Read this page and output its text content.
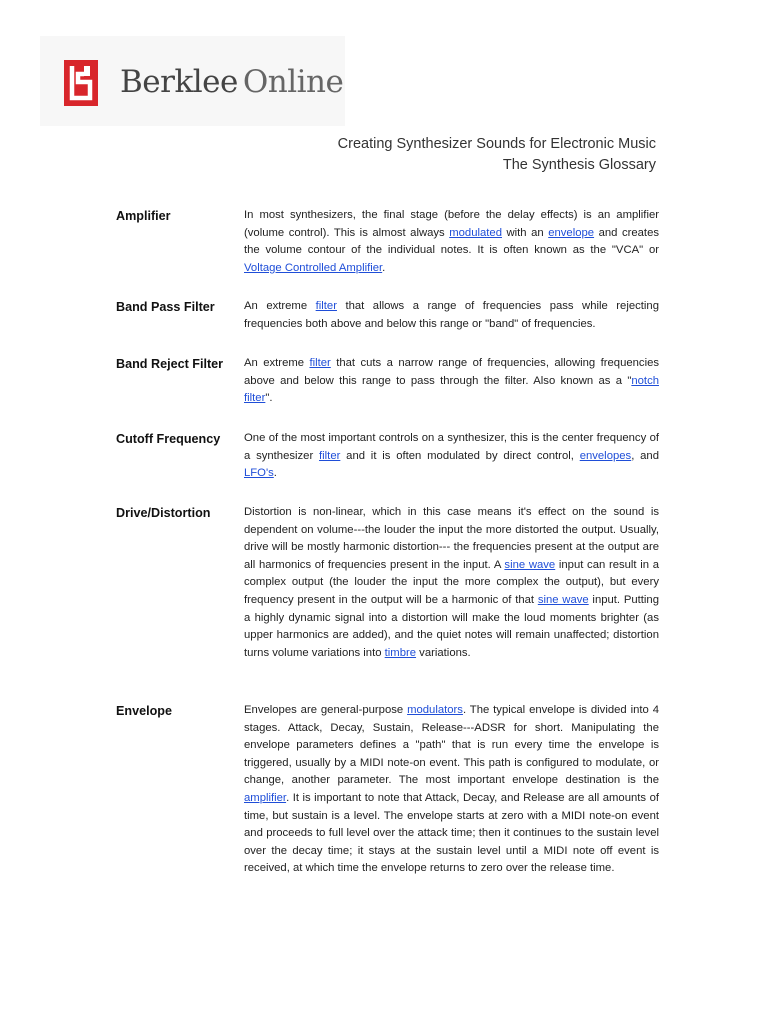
Berklee Online
Creating Synthesizer Sounds for Electronic Music
The Synthesis Glossary
Amplifier	In most synthesizers, the final stage (before the delay effects) is an amplifier (volume control). This is almost always modulated with an envelope and creates the volume contour of the individual notes. It is often known as the "VCA" or Voltage Controlled Amplifier.
Band Pass Filter	An extreme filter that allows a range of frequencies pass while rejecting frequencies both above and below this range or "band" of frequencies.
Band Reject Filter	An extreme filter that cuts a narrow range of frequencies, allowing frequencies above and below this range to pass through the filter. Also known as a "notch filter".
Cutoff Frequency	One of the most important controls on a synthesizer, this is the center frequency of a synthesizer filter and it is often modulated by direct control, envelopes, and LFO's.
Drive/Distortion	Distortion is non-linear, which in this case means it's effect on the sound is dependent on volume---the louder the input the more distorted the output. Usually, drive will be mostly harmonic distortion--- the frequencies present at the output are all harmonics of frequencies present in the input. A sine wave input can result in a complex output (the louder the input the more complex the output), but every frequency present in the output will be a harmonic of that sine wave input. Putting a highly dynamic signal into a distortion will make the loud moments brighter (as upper harmonics are added), and the quiet notes will remain unaffected; distortion turns volume variations into timbre variations.
Envelope	Envelopes are general-purpose modulators. The typical envelope is divided into 4 stages. Attack, Decay, Sustain, Release---ADSR for short. Manipulating the envelope parameters defines a "path" that is run every time the envelope is triggered, usually by a MIDI note-on event. This path is configured to modulate, or change, another parameter. The most important envelope destination is the amplifier. It is important to note that Attack, Decay, and Release are all amounts of time, but sustain is a level. The envelope starts at zero with a MIDI note-on event and proceeds to full level over the attack time; then it continues to the sustain level over the decay time; it stays at the sustain level until a MIDI note off event is received, at which time the envelope returns to zero over the release time.
